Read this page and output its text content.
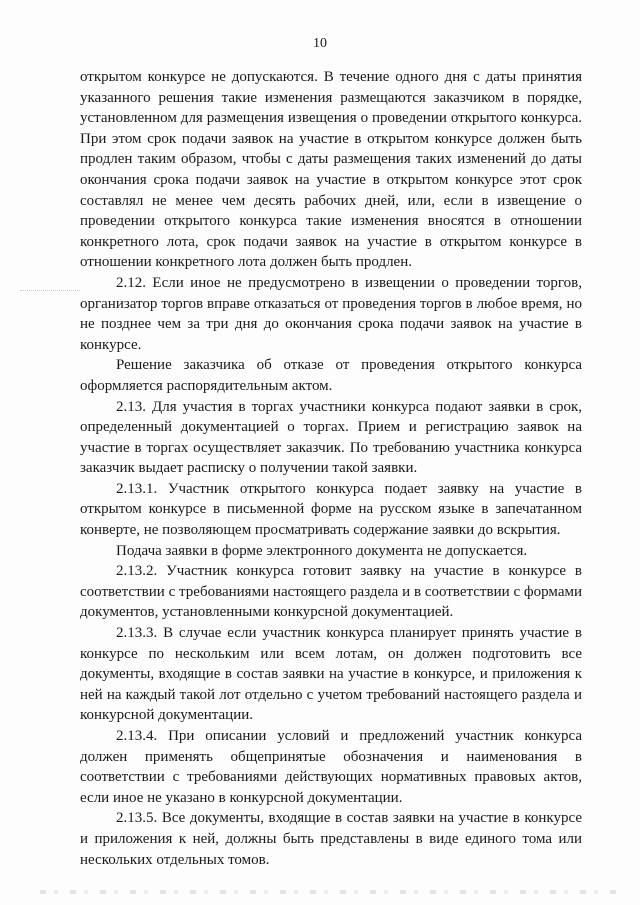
10

открытом конкурсе не допускаются. В течение одного дня с даты принятия указанного решения такие изменения размещаются заказчиком в порядке, установленном для размещения извещения о проведении открытого конкурса. При этом срок подачи заявок на участие в открытом конкурсе должен быть продлен таким образом, чтобы с даты размещения таких изменений до даты окончания срока подачи заявок на участие в открытом конкурсе этот срок составлял не менее чем десять рабочих дней, или, если в извещение о проведении открытого конкурса такие изменения вносятся в отношении конкретного лота, срок подачи заявок на участие в открытом конкурсе в отношении конкретного лота должен быть продлен.

2.12. Если иное не предусмотрено в извещении о проведении торгов, организатор торгов вправе отказаться от проведения торгов в любое время, но не позднее чем за три дня до окончания срока подачи заявок на участие в конкурсе.

Решение заказчика об отказе от проведения открытого конкурса оформляется распорядительным актом.

2.13. Для участия в торгах участники конкурса подают заявки в срок, определенный документацией о торгах. Прием и регистрацию заявок на участие в торгах осуществляет заказчик. По требованию участника конкурса заказчик выдает расписку о получении такой заявки.

2.13.1. Участник открытого конкурса подает заявку на участие в открытом конкурсе в письменной форме на русском языке в запечатанном конверте, не позволяющем просматривать содержание заявки до вскрытия.

Подача заявки в форме электронного документа не допускается.

2.13.2. Участник конкурса готовит заявку на участие в конкурсе в соответствии с требованиями настоящего раздела и в соответствии с формами документов, установленными конкурсной документацией.

2.13.3. В случае если участник конкурса планирует принять участие в конкурсе по нескольким или всем лотам, он должен подготовить все документы, входящие в состав заявки на участие в конкурсе, и приложения к ней на каждый такой лот отдельно с учетом требований настоящего раздела и конкурсной документации.

2.13.4. При описании условий и предложений участник конкурса должен применять общепринятые обозначения и наименования в соответствии с требованиями действующих нормативных правовых актов, если иное не указано в конкурсной документации.

2.13.5. Все документы, входящие в состав заявки на участие в конкурсе и приложения к ней, должны быть представлены в виде единого тома или нескольких отдельных томов.
